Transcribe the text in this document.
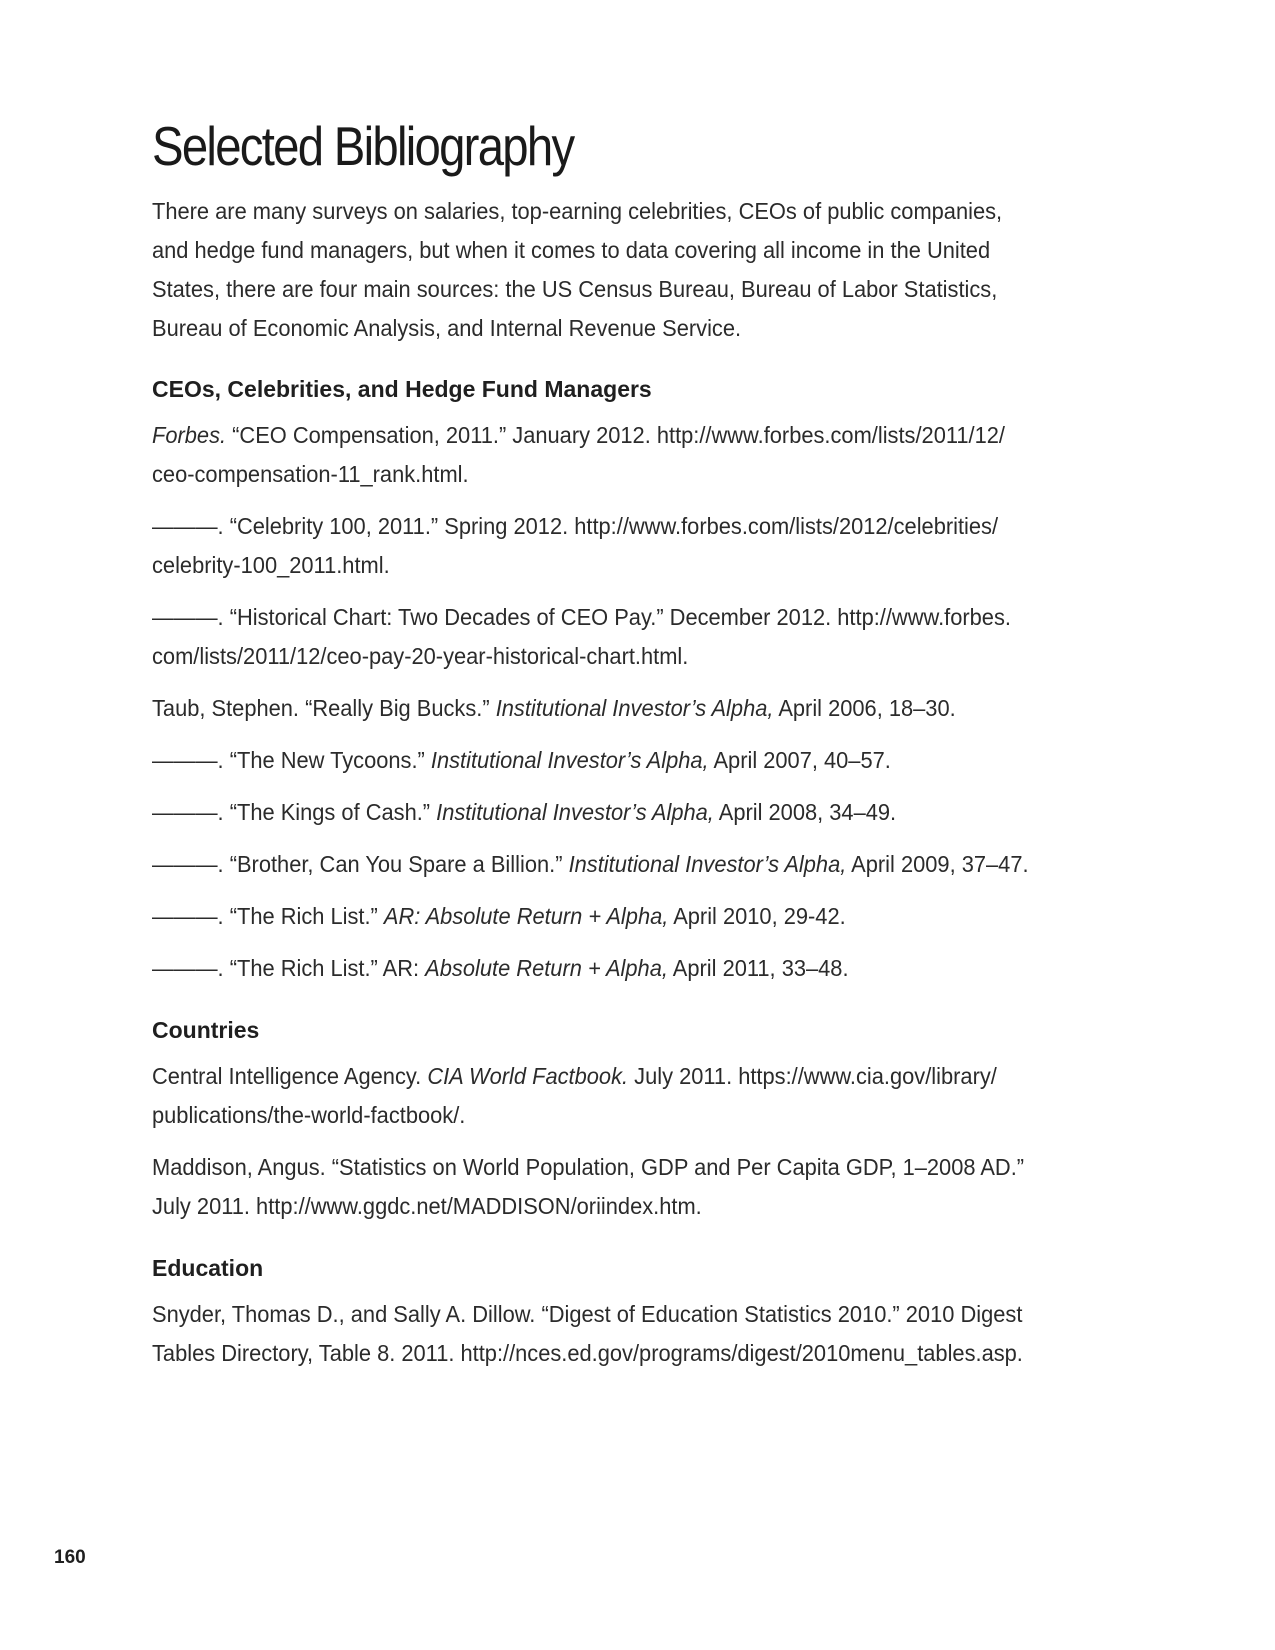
Selected Bibliography

There are many surveys on salaries, top-earning celebrities, CEOs of public companies,
and hedge fund managers, but when it comes to data covering all income in the United
States, there are four main sources: the US Census Bureau, Bureau of Labor Statistics,
Bureau of Economic Analysis, and Internal Revenue Service.

CEOs, Celebrities, and Hedge Fund Managers
Forbes. “CEO Compensation, 2011.” January 2012. http://www.forbes.com/lists/2011/12/
ceo-compensation-11_rank.html.
———. “Celebrity 100, 2011.” Spring 2012. http://www.forbes.com/lists/2012/celebrities/
celebrity-100_2011.html.
———. “Historical Chart: Two Decades of CEO Pay.” December 2012. http://www.forbes.
com/lists/2011/12/ceo-pay-20-year-historical-chart.html.
Taub, Stephen. “Really Big Bucks.” Institutional Investor’s Alpha, April 2006, 18–30.
———. “The New Tycoons.” Institutional Investor’s Alpha, April 2007, 40–57.
———. “The Kings of Cash.” Institutional Investor’s Alpha, April 2008, 34–49.
———. “Brother, Can You Spare a Billion.” Institutional Investor’s Alpha, April 2009, 37–47.
———. “The Rich List.” AR: Absolute Return + Alpha, April 2010, 29-42.
———. “The Rich List.” AR: Absolute Return + Alpha, April 2011, 33–48.
Countries
Central Intelligence Agency. CIA World Factbook. July 2011. https://www.cia.gov/library/
publications/the-world-factbook/.
Maddison, Angus. “Statistics on World Population, GDP and Per Capita GDP, 1–2008 AD.”
July 2011. http://www.ggdc.net/MADDISON/oriindex.htm.
Education
Snyder, Thomas D., and Sally A. Dillow. “Digest of Education Statistics 2010.” 2010 Digest
Tables Directory, Table 8. 2011. http://nces.ed.gov/programs/digest/2010menu_tables.asp.
160
